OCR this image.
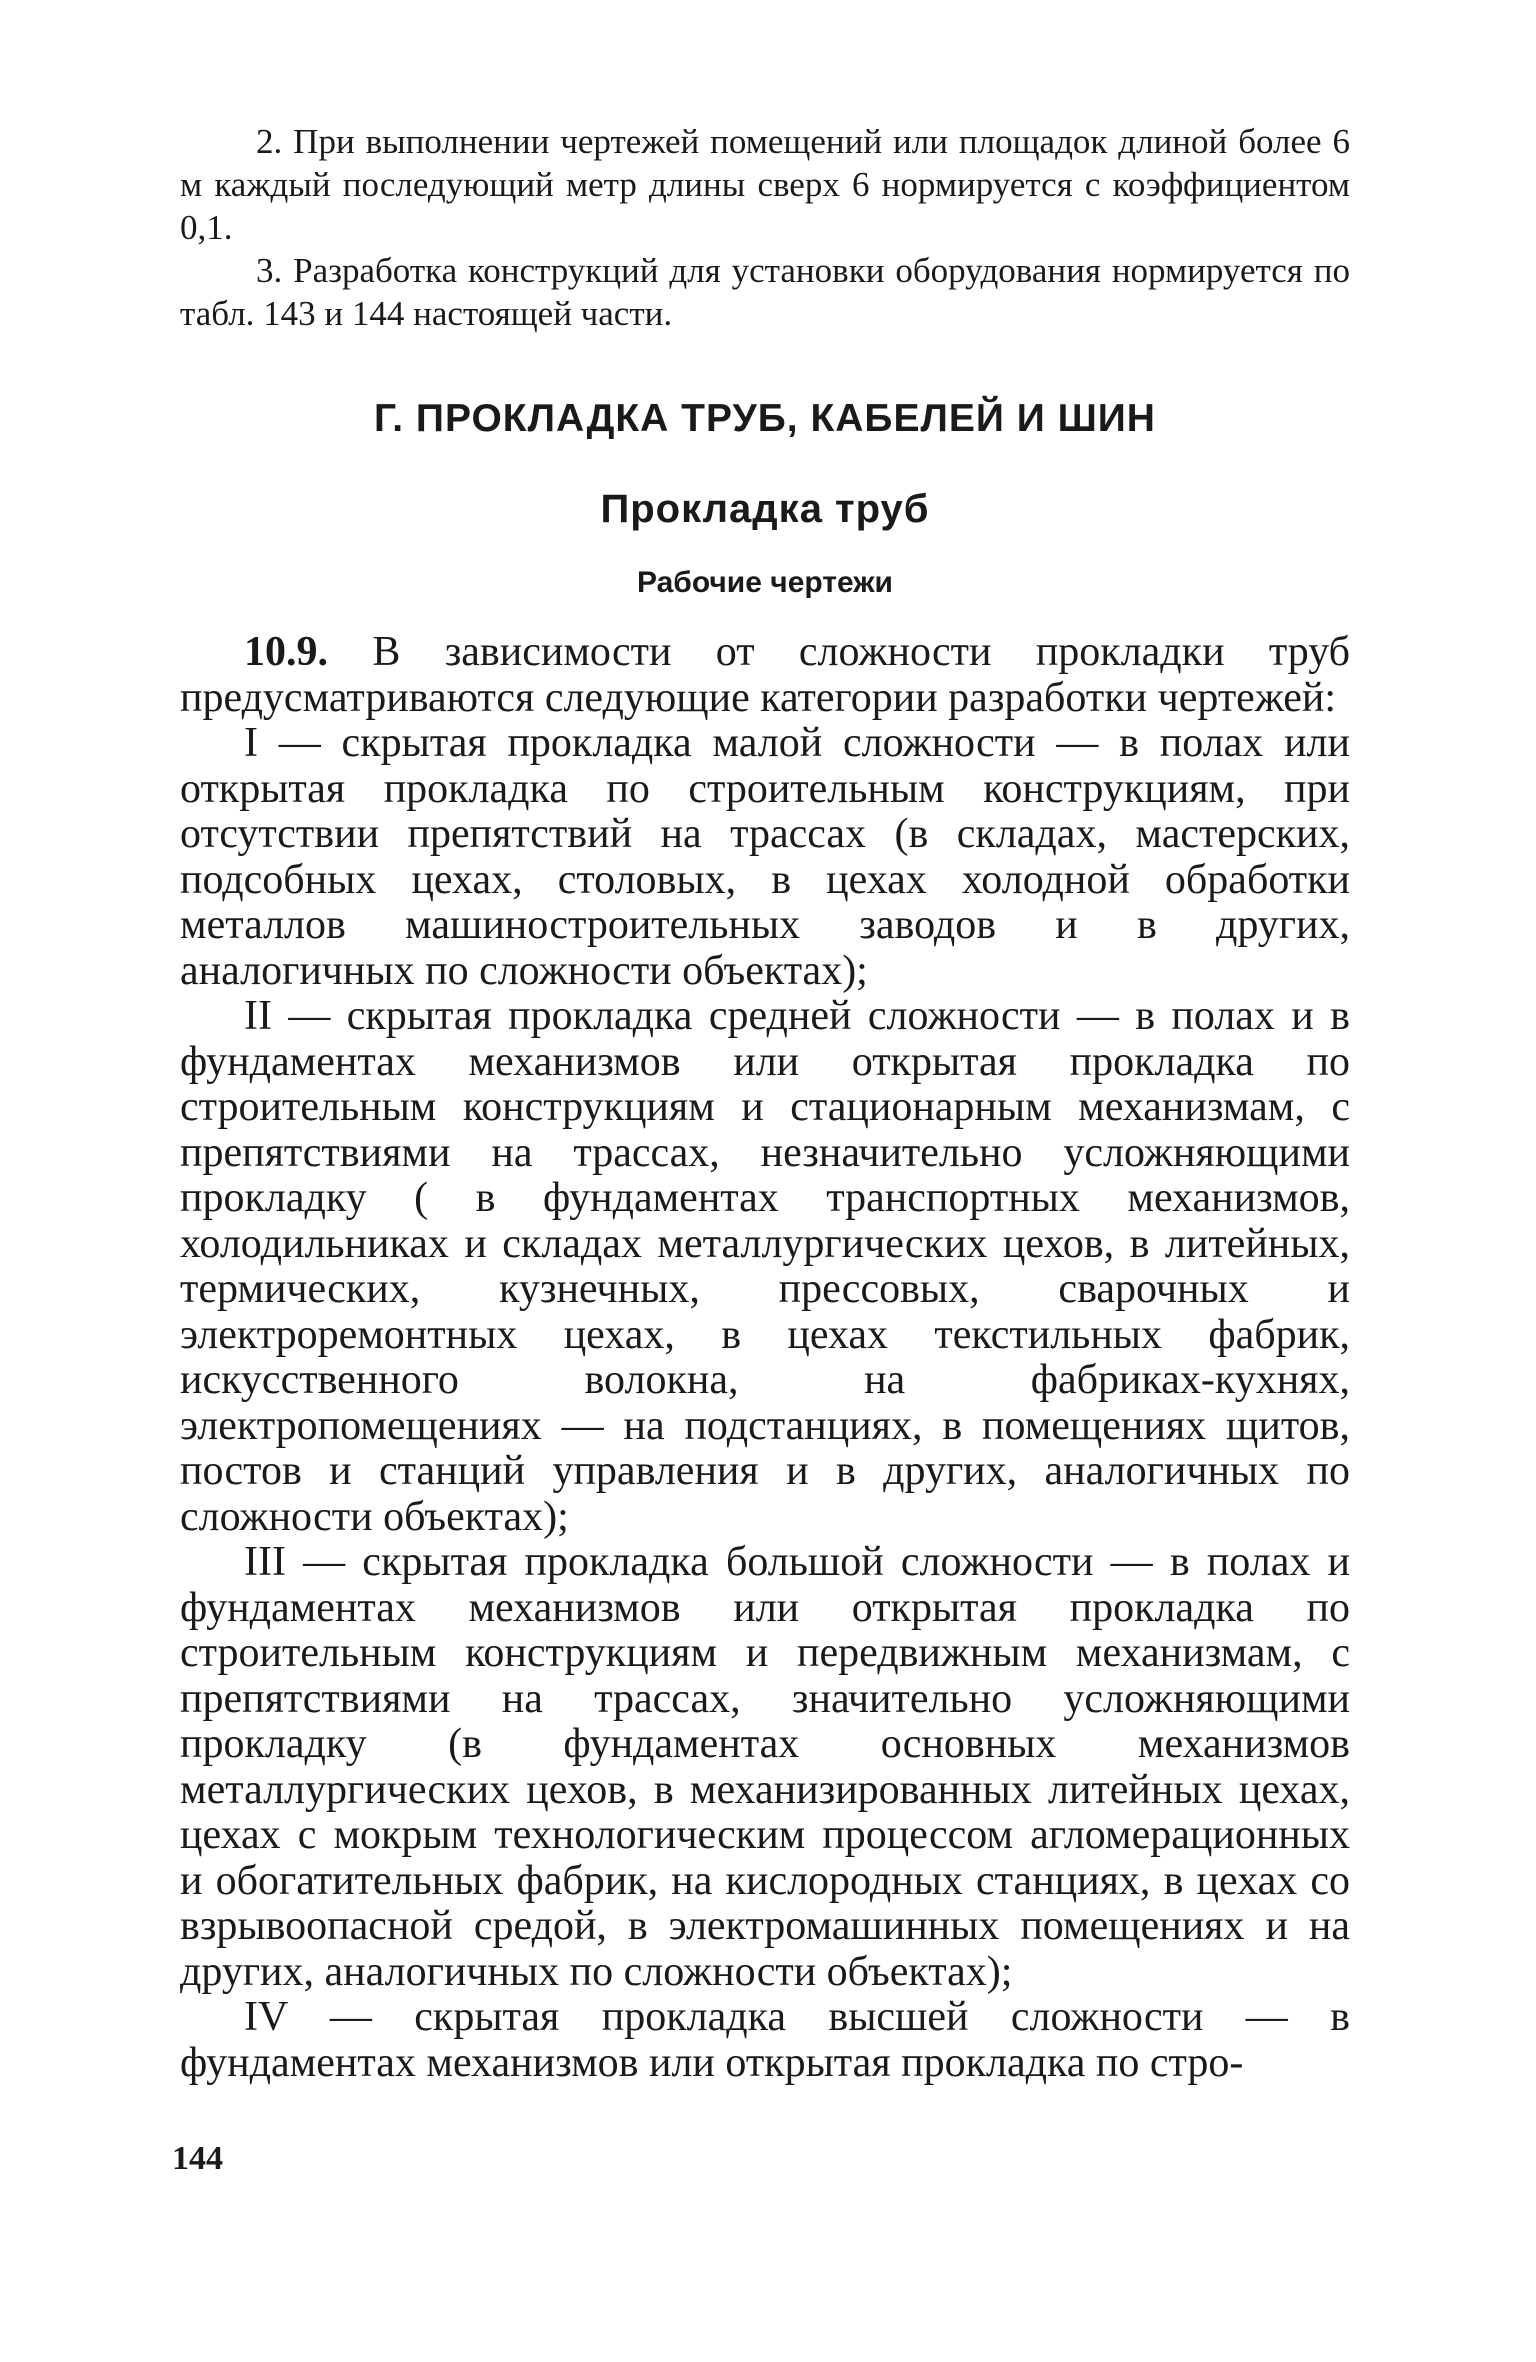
2. При выполнении чертежей помещений или площадок длиной более 6 м каждый последующий метр длины сверх 6 нормируется с коэффициентом 0,1.

3. Разработка конструкций для установки оборудования нормируется по табл. 143 и 144 настоящей части.

Г. ПРОКЛАДКА ТРУБ, КАБЕЛЕЙ И ШИН
Прокладка труб
Рабочие чертежи

10.9. В зависимости от сложности прокладки труб предусматриваются следующие категории разработки чертежей:

I — скрытая прокладка малой сложности — в полах или открытая прокладка по строительным конструкциям, при отсутствии препятствий на трассах (в складах, мастерских, подсобных цехах, столовых, в цехах холодной обработки металлов машиностроительных заводов и в других, аналогичных по сложности объектах);

II — скрытая прокладка средней сложности — в полах и в фундаментах механизмов или открытая прокладка по строительным конструкциям и стационарным механизмам, с препятствиями на трассах, незначительно усложняющими прокладку ( в фундаментах транспортных механизмов, холодильниках и складах металлургических цехов, в литейных, термических, кузнечных, прессовых, сварочных и электроремонтных цехах, в цехах текстильных фабрик, искусственного волокна, на фабриках-кухнях, электропомещениях — на подстанциях, в помещениях щитов, постов и станций управления и в других, аналогичных по сложности объектах);

III — скрытая прокладка большой сложности — в полах и фундаментах механизмов или открытая прокладка по строительным конструкциям и передвижным механизмам, с препятствиями на трассах, значительно усложняющими прокладку (в фундаментах основных механизмов металлургических цехов, в механизированных литейных цехах, цехах с мокрым технологическим процессом агломерационных и обогатительных фабрик, на кислородных станциях, в цехах со взрывоопасной средой, в электромашинных помещениях и на других, аналогичных по сложности объектах);

IV — скрытая прокладка высшей сложности — в фундаментах механизмов или открытая прокладка по стро-

144
